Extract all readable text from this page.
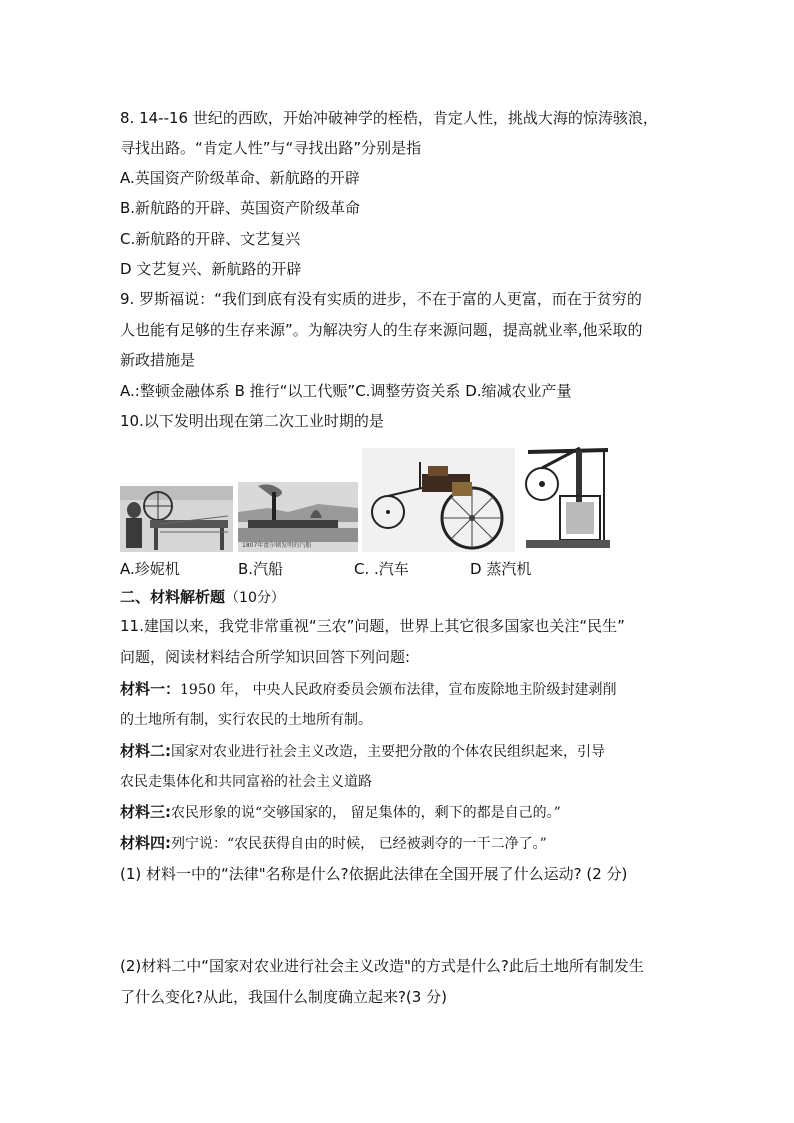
8. 14--16 世纪的西欧，开始冲破神学的桎梏，肯定人性，挑战大海的惊涛骇浪，
寻找出路。“肯定人性”与“寻找出路”分别是指
A.英国资产阶级革命、新航路的开辟
B.新航路的开辟、英国资产阶级革命
C.新航路的开辟、文艺复兴
D 文艺复兴、新航路的开辟
9. 罗斯福说：“我们到底有没有实质的进步，不在于富的人更富，而在于贫穷的
人也能有足够的生存来源”。为解决穷人的生存来源问题，提高就业率,他采取的
新政措施是
A.:整顿金融体系 B 推行“以工代赈”C.调整劳资关系 D.缩减农业产量
10.以下发明出现在第二次工业时期的是
1807年富尔顿发明的汽船
A.珍妮机	B.汽船	C. .汽车	D 蒸汽机
二、材料解析题（10分）
11.建国以来，我党非常重视“三农”问题，世界上其它很多国家也关注“民生”
问题，阅读材料结合所学知识回答下列问题:
材料一：1950 年， 中央人民政府委员会颁布法律，宣布废除地主阶级封建剥削
的土地所有制，实行农民的土地所有制。
材料二:国家对农业进行社会主义改造，主要把分散的个体农民组织起来，引导
农民走集体化和共同富裕的社会主义道路
材料三:农民形象的说“交够国家的， 留足集体的，剩下的都是自己的。”
材料四:列宁说：“农民获得自由的时候， 已经被剥夺的一干二净了。”
(1) 材料一中的“法律"名称是什么?依据此法律在全国开展了什么运动? (2 分)
(2)材料二中“国家对农业进行社会主义改造"的方式是什么?此后土地所有制发生
了什么变化?从此，我国什么制度确立起来?(3 分)
